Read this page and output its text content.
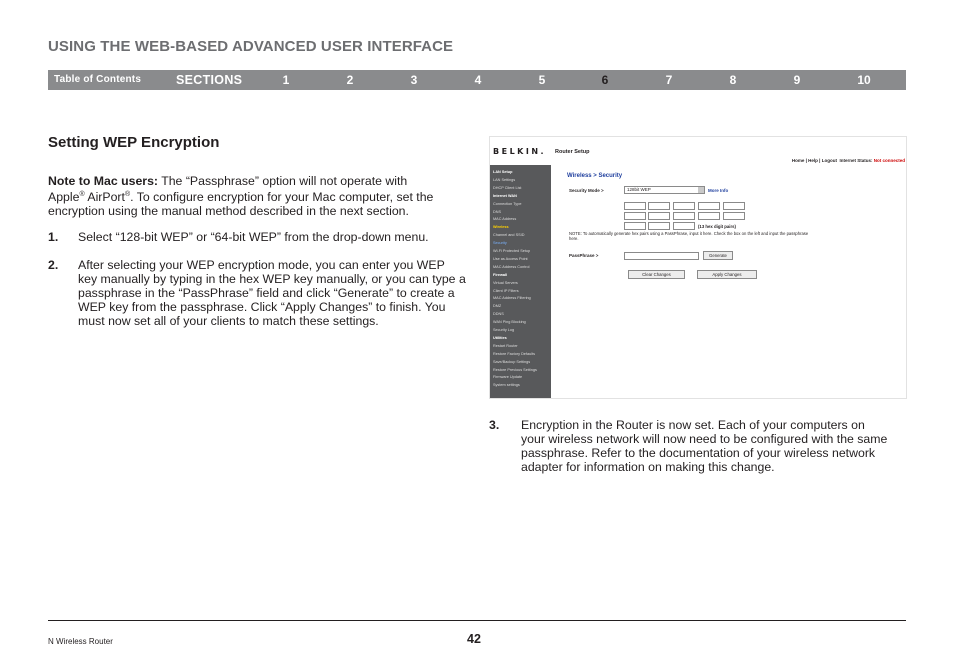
USING THE WEB-BASED ADVANCED USER INTERFACE
Table of Contents	SECTIONS	1	2	3	4	5	6	7	8	9	10
Setting WEP Encryption
Note to Mac users: The “Passphrase” option will not operate with
Apple® AirPort®. To configure encryption for your Mac computer, set the
encryption using the manual method described in the next section.
1. Select “128-bit WEP” or “64-bit WEP” from the drop-down menu.
2. After selecting your WEP encryption mode, you can enter you WEP key manually by typing in the hex WEP key manually, or you can type a passphrase in the “PassPhrase” field and click “Generate” to create a WEP key from the passphrase. Click “Apply Changes” to finish. You must now set all of your clients to match these settings.
BELKIN. Router Setup
Home | Help | Logout Internet Status: Not connected
LAN Setup
LAN Settings
DHCP Client List
Internet WAN
Connection Type
DNS
MAC Address
Wireless
Channel and SSID
Security
Wi-Fi Protected Setup
Use as Access Point
MAC Address Control
Firewall
Virtual Servers
Client IP Filters
MAC Address Filtering
DMZ
DDNS
WAN Ping Blocking
Security Log
Utilities
Restart Router
Restore Factory Defaults
Save/Backup Settings
Restore Previous Settings
Firmware Update
System settings
Wireless > Security
Security Mode >	128bit WEP	More Info
(13 hex digit pairs)
NOTE: To automatically generate hex pairs using a PassPhrase, input it here. Check the box on the left and input the passphrase here.
PassPhrase >	Generate
Clear Changes	Apply Changes
3. Encryption in the Router is now set. Each of your computers on your wireless network will now need to be configured with the same passphrase. Refer to the documentation of your wireless network adapter for information on making this change.
N Wireless Router	42
